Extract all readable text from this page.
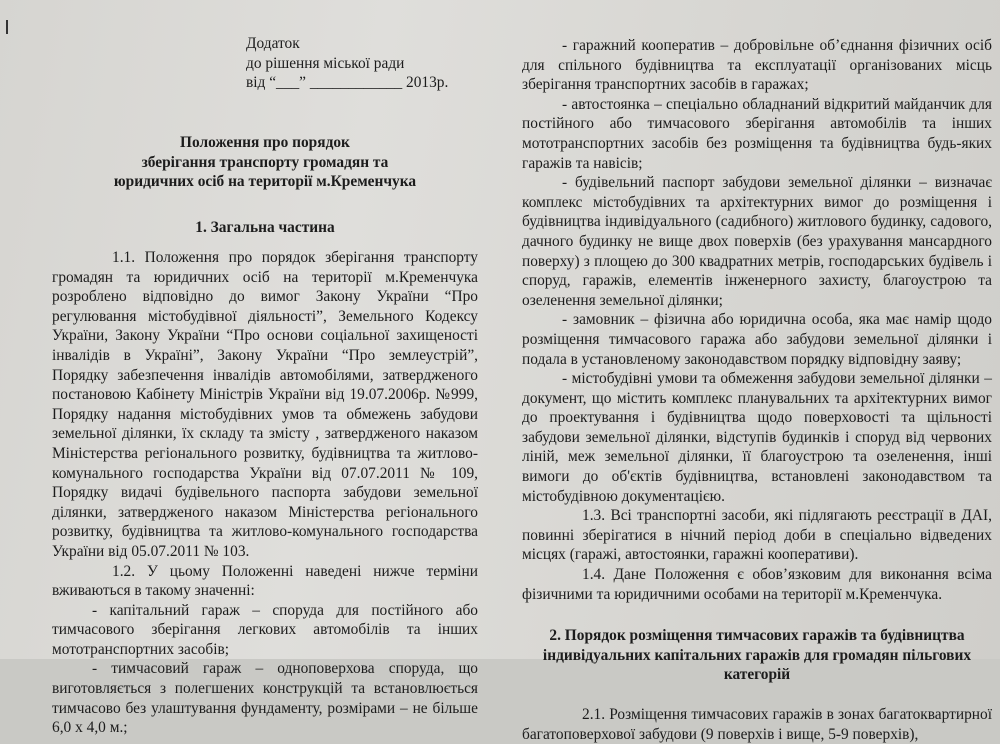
Додаток
до рішення міської ради
від “___” ____________ 2013р.

Положення про порядок

зберігання транспорту громадян та

юридичних осіб на території м.Кременчука

1. Загальна частина

1.1. Положення про порядок зберігання транспорту громадян та юридичних осіб на території м.Кременчука розроблено відповідно до вимог Закону України “Про регулювання містобудівної діяльності”, Земельного Кодексу України, Закону України “Про основи соціальної захищеності інвалідів в Україні”, Закону України “Про землеустрій”, Порядку забезпечення інвалідів автомобілями, затвердженого постановою Кабінету Міністрів України від 19.07.2006р. №999, Порядку надання містобудівних умов та обмежень забудови земельної ділянки, їх складу та змісту , затвердженого наказом Міністерства регіонального розвитку, будівництва та житлово-комунального господарства України від 07.07.2011 № 109, Порядку видачі будівельного паспорта забудови земельної ділянки, затвердженого наказом Міністерства регіонального розвитку, будівництва та житлово-комунального господарства України від 05.07.2011 № 103.

1.2. У цьому Положенні наведені нижче терміни вживаються в такому значенні:

- капітальний гараж – споруда для постійного або тимчасового зберігання легкових автомобілів та інших мототранспортних засобів;

- тимчасовий гараж – одноповерхова споруда, що виготовляється з полегшених конструкцій та встановлюється тимчасово без улаштування фундаменту, розмірами – не більше 6,0 х 4,0 м.;

- гаражний кооператив – добровільне об’єднання фізичних осіб для спільного будівництва та експлуатації організованих місць зберігання транспортних засобів в гаражах;

- автостоянка – спеціально обладнаний відкритий майданчик для постійного або тимчасового зберігання автомобілів та інших мототранспортних засобів без розміщення та будівництва будь-яких гаражів та навісів;

- будівельний паспорт забудови земельної ділянки – визначає комплекс містобудівних та архітектурних вимог до розміщення і будівництва індивідуального (садибного) житлового будинку, садового, дачного будинку не вище двох поверхів (без урахування мансардного поверху) з площею до 300 квадратних метрів, господарських будівель і споруд, гаражів, елементів інженерного захисту, благоустрою та озеленення земельної ділянки;

- замовник – фізична або юридична особа, яка має намір щодо розміщення тимчасового гаража або забудови земельної ділянки і подала в установленому законодавством порядку відповідну заяву;

- містобудівні умови та обмеження забудови земельної ділянки – документ, що містить комплекс планувальних та архітектурних вимог до проектування і будівництва щодо поверховості та щільності забудови земельної ділянки, відступів будинків і споруд від червоних ліній, меж земельної ділянки, її благоустрою та озеленення, інші вимоги до об'єктів будівництва, встановлені законодавством та містобудівною документацією.

1.3. Всі транспортні засоби, які підлягають реєстрації в ДАІ, повинні зберігатися в нічний період доби в спеціально відведених місцях (гаражі, автостоянки, гаражні кооперативи).

1.4. Дане Положення є обов’язковим для виконання всіма фізичними та юридичними особами на території м.Кременчука.

2. Порядок розміщення тимчасових гаражів та будівництва індивідуальних капітальних гаражів для громадян пільгових категорій

2.1. Розміщення тимчасових гаражів в зонах багатоквартирної багатоповерхової забудови (9 поверхів і вище, 5-9 поверхів),
